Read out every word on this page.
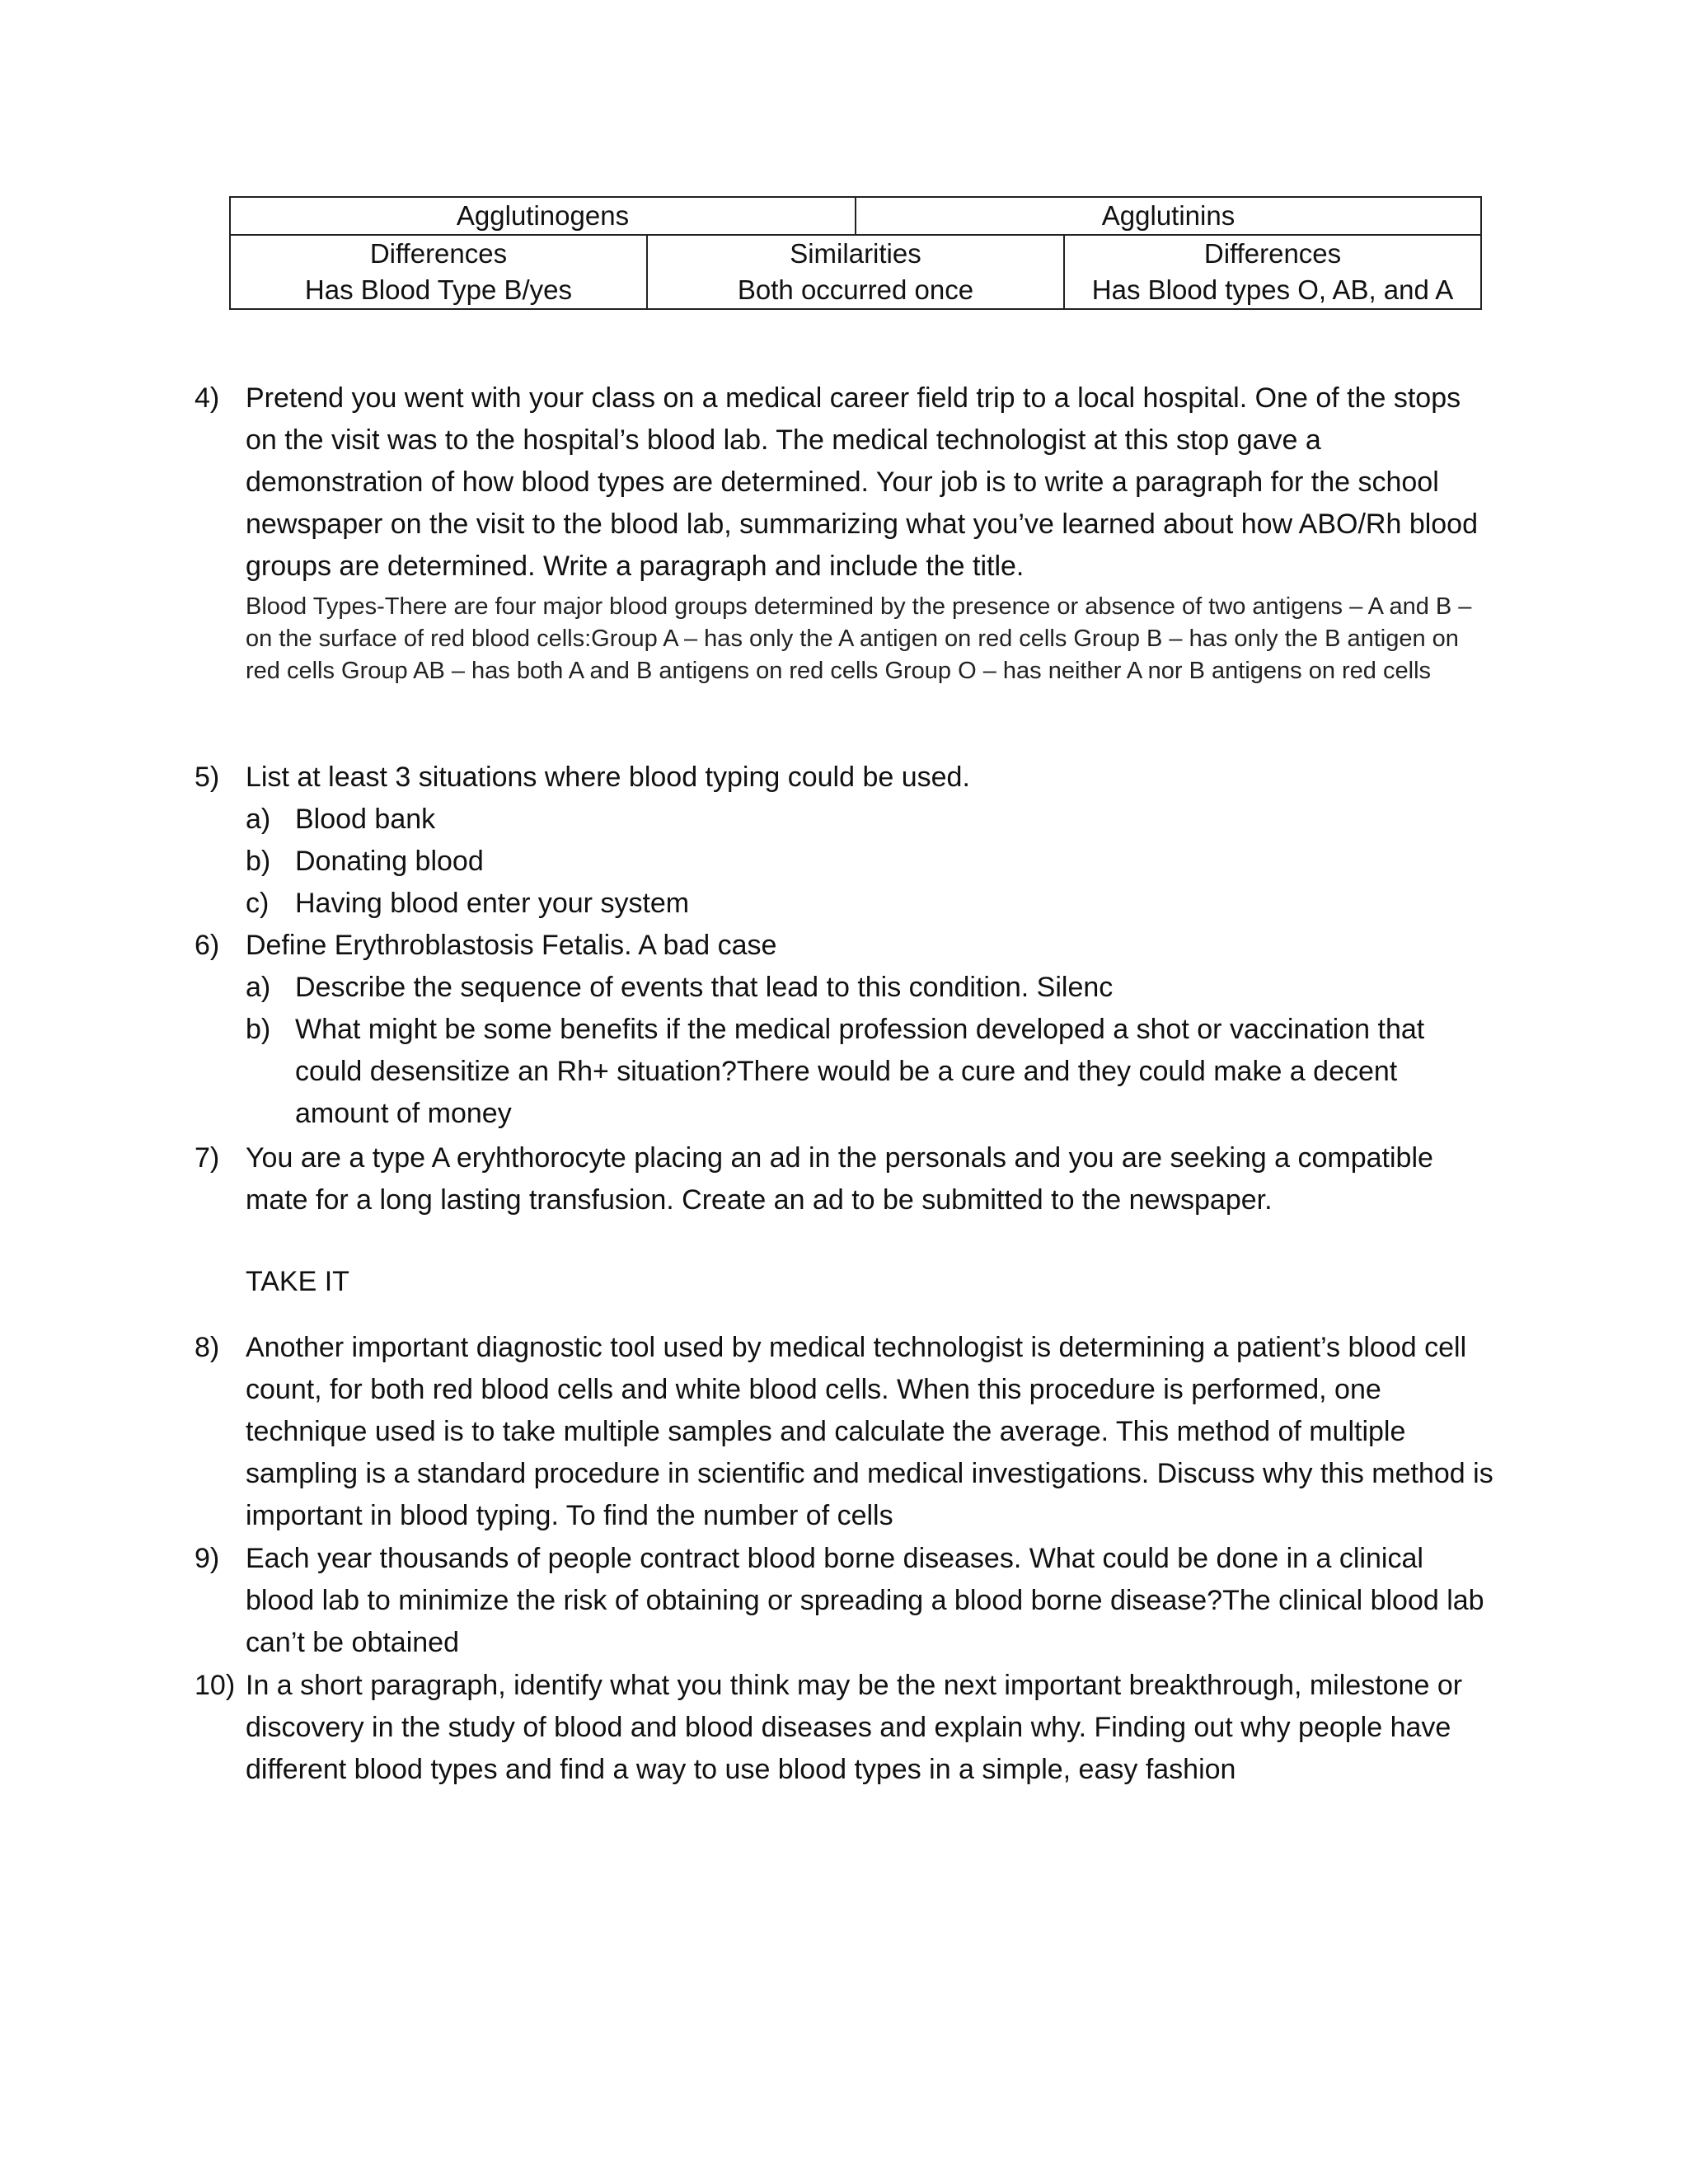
Agglutinogens		Agglutinins	
Differences	Similarities		Differences
Has Blood Type B/yes	Both occurred once		Has Blood types O, AB, and A
4) Pretend you went with your class on a medical career field trip to a local hospital. One of the stops on the visit was to the hospital’s blood lab. The medical technologist at this stop gave a demonstration of how blood types are determined. Your job is to write a paragraph for the school newspaper on the visit to the blood lab, summarizing what you’ve learned about how ABO/Rh blood groups are determined. Write a paragraph and include the title.
Blood Types-There are four major blood groups determined by the presence or absence of two antigens – A and B – on the surface of red blood cells:Group A – has only the A antigen on red cells Group B – has only the B antigen on red cells Group AB – has both A and B antigens on red cells Group O – has neither A nor B antigens on red cells
5) List at least 3 situations where blood typing could be used.
a) Blood bank
b) Donating blood
c) Having blood enter your system
6) Define Erythroblastosis Fetalis. A bad case
a) Describe the sequence of events that lead to this condition. Silenc
b) What might be some benefits if the medical profession developed a shot or vaccination that could desensitize an Rh+ situation?There would be a cure and they could make a decent amount of money
7) You are a type A eryhthorocyte placing an ad in the personals and you are seeking a compatible mate for a long lasting transfusion. Create an ad to be submitted to the newspaper.
TAKE IT
8) Another important diagnostic tool used by medical technologist is determining a patient’s blood cell count, for both red blood cells and white blood cells. When this procedure is performed, one technique used is to take multiple samples and calculate the average. This method of multiple sampling is a standard procedure in scientific and medical investigations. Discuss why this method is important in blood typing. To find the number of cells
9) Each year thousands of people contract blood borne diseases. What could be done in a clinical blood lab to minimize the risk of obtaining or spreading a blood borne disease?The clinical blood lab can’t be obtained
10) In a short paragraph, identify what you think may be the next important breakthrough, milestone or discovery in the study of blood and blood diseases and explain why. Finding out why people have different blood types and find a way to use blood types in a simple, easy fashion
